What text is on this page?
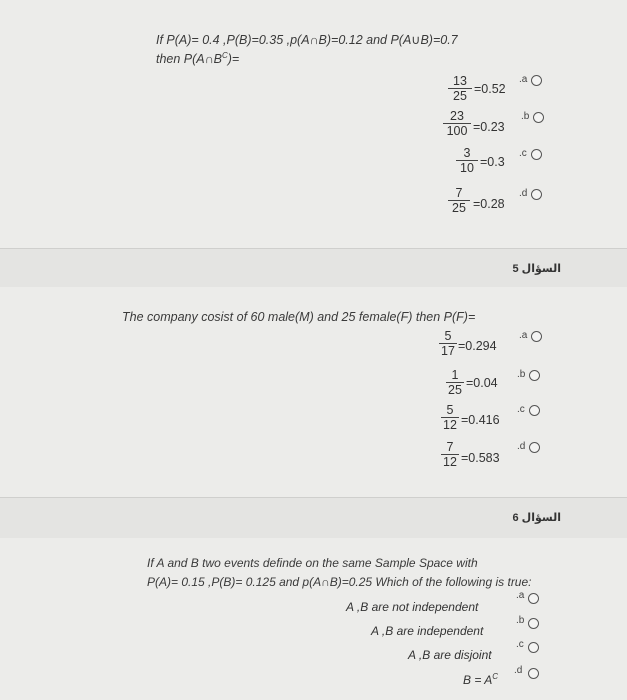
If P(A)= 0.4 ,P(B)=0.35 ,p(A∩B)=0.12 and P(A∪B)=0.7
then $P(A\cap B^C)=$
13
25 =0.52
.a
23
100 =0.23
.b
3
10 =0.3
.c
7
25 =0.28
.d
السؤال 5
The company cosist of 60 male(M) and 25 female(F) then P(F)=
5
17 =0.294
.a
1
25 =0.04
.b
5
12 =0.416
.c
7
12 =0.583
.d
السؤال 6
If A and B two events definde on the same Sample Space with
P(A)= 0.15 ,P(B)= 0.125 and p(A∩B)=0.25 Which of the following is true:
A ,B are not independent
.a
A ,B are independent
.b
A ,B are disjoint
.c
$B = A^C$
.d
